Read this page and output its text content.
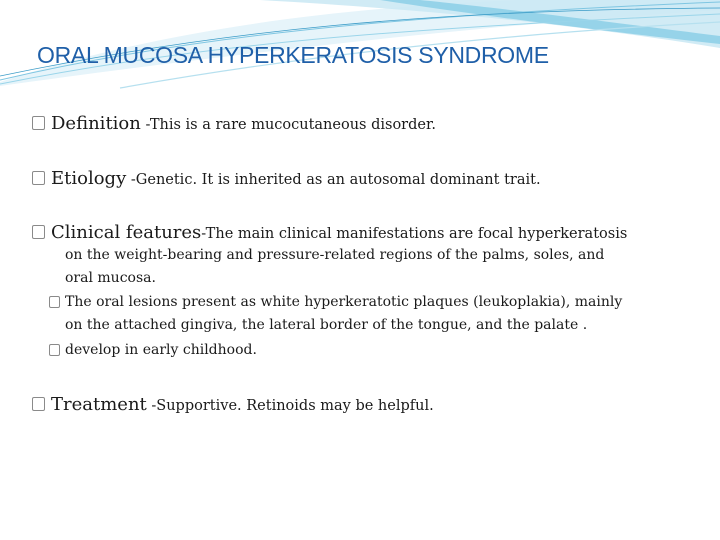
ORAL MUCOSA HYPERKERATOSIS SYNDROME
Definition -This is a rare mucocutaneous disorder.
Etiology -Genetic. It is inherited as an autosomal dominant trait.
Clinical features-The main clinical manifestations are focal hyperkeratosis
on the weight-bearing and pressure-related regions of the palms, soles, and
oral mucosa.
The oral lesions present as white hyperkeratotic plaques (leukoplakia), mainly
on the attached gingiva, the lateral border of the tongue, and the palate .
develop in early childhood.
Treatment -Supportive. Retinoids may be helpful.
